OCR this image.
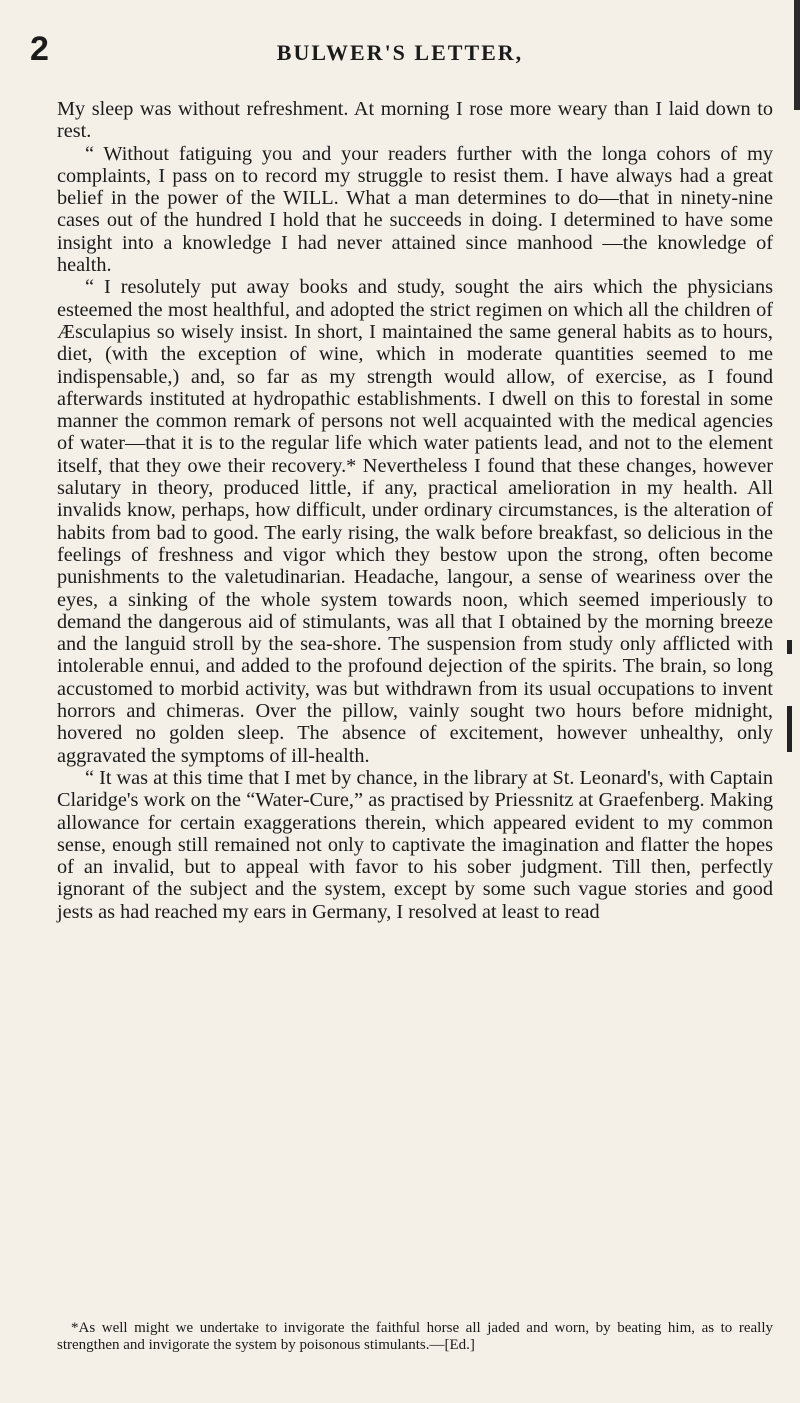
2	BULWER'S LETTER,

My sleep was without refreshment. At morning I rose more weary than I laid down to rest.

“ Without fatiguing you and your readers further with the longa cohors of my complaints, I pass on to record my struggle to resist them. I have always had a great belief in the power of the WILL. What a man determines to do—that in ninety-nine cases out of the hundred I hold that he succeeds in doing. I determined to have some insight into a knowledge I had never attained since manhood —the knowledge of health.

“ I resolutely put away books and study, sought the airs which the physicians esteemed the most healthful, and adopted the strict regimen on which all the children of Æsculapius so wisely insist. In short, I maintained the same general habits as to hours, diet, (with the exception of wine, which in moderate quantities seemed to me indispensable,) and, so far as my strength would allow, of exercise, as I found afterwards instituted at hydropathic establishments. I dwell on this to forestal in some manner the common remark of persons not well acquainted with the medical agencies of water—that it is to the regular life which water patients lead, and not to the element itself, that they owe their recovery.* Nevertheless I found that these changes, however salutary in theory, produced little, if any, practical amelioration in my health. All invalids know, perhaps, how difficult, under ordinary circumstances, is the alteration of habits from bad to good. The early rising, the walk before breakfast, so delicious in the feelings of freshness and vigor which they bestow upon the strong, often become punishments to the valetudinarian. Headache, langour, a sense of weariness over the eyes, a sinking of the whole system towards noon, which seemed imperiously to demand the dangerous aid of stimulants, was all that I obtained by the morning breeze and the languid stroll by the sea-shore. The suspension from study only afflicted with intolerable ennui, and added to the profound dejection of the spirits. The brain, so long accustomed to morbid activity, was but withdrawn from its usual occupations to invent horrors and chimeras. Over the pillow, vainly sought two hours before midnight, hovered no golden sleep. The absence of excitement, however unhealthy, only aggravated the symptoms of ill-health.

“ It was at this time that I met by chance, in the library at St. Leonard's, with Captain Claridge's work on the “Water-Cure,” as practised by Priessnitz at Graefenberg. Making allowance for certain exaggerations therein, which appeared evident to my common sense, enough still remained not only to captivate the imagination and flatter the hopes of an invalid, but to appeal with favor to his sober judgment. Till then, perfectly ignorant of the subject and the system, except by some such vague stories and good jests as had reached my ears in Germany, I resolved at least to read

*As well might we undertake to invigorate the faithful horse all jaded and worn, by beating him, as to really strengthen and invigorate the system by poisonous stimulants.—[Ed.]
